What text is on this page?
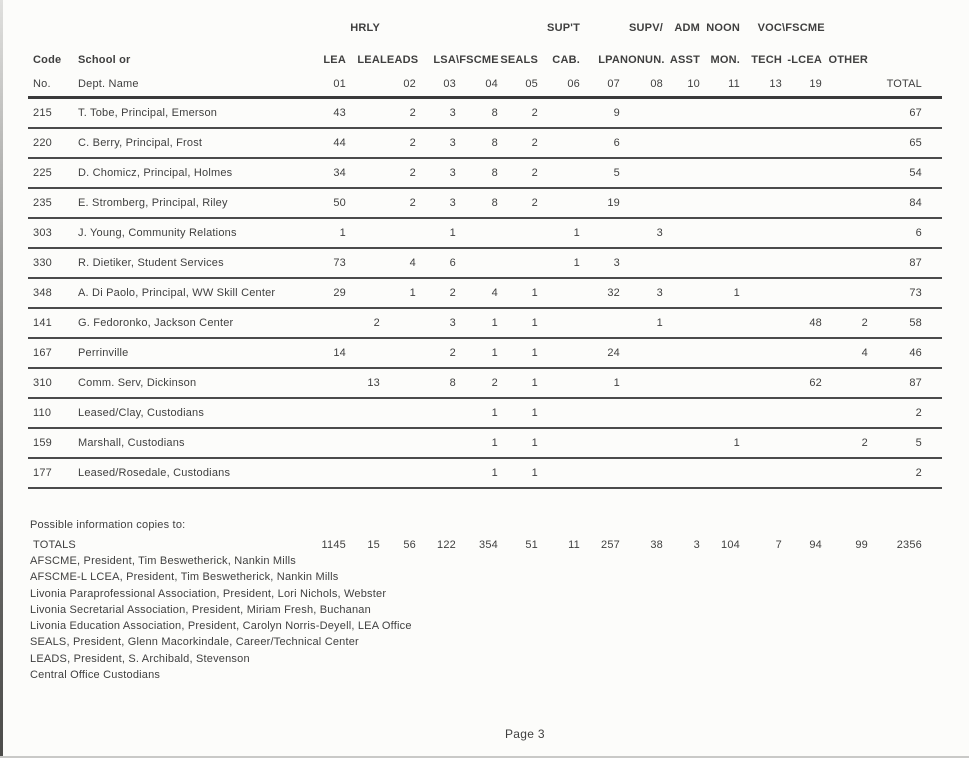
			HRLY					SUP'T		SUPV/	ADM	NOON	VOC	\FSCME		
Code	School or	LEA	LEA	LEADS	LSA	\FSCME	SEALS	CAB.	LPA	NONUN.	ASST	MON.	TECH	-LCEA	OTHER	
No.	Dept. Name	01		02	03	04	05	06	07	08	10	11	13	19		TOTAL
215	T. Tobe, Principal, Emerson	43		2	3	8	2		9							67
220	C. Berry, Principal, Frost	44		2	3	8	2		6							65
225	D. Chomicz, Principal, Holmes	34		2	3	8	2		5							54
235	E. Stromberg, Principal, Riley	50		2	3	8	2		19							84
303	J. Young, Community Relations	1			1			1		3						6
330	R. Dietiker, Student Services	73		4	6			1	3							87
348	A. Di Paolo, Principal, WW Skill Center	29		1	2	4	1		32	3		1				73
141	G. Fedoronko, Jackson Center		2		3	1	1			1				48	2	58
167	Perrinville	14			2	1	1		24						4	46
310	Comm. Serv, Dickinson		13		8	2	1		1					62		87
110	Leased/Clay, Custodians					1	1									2
159	Marshall, Custodians					1	1					1			2	5
177	Leased/Rosedale, Custodians					1	1									2
TOTALS		1145	15	56	122	354	51	11	257	38	3	104	7	94	99	2356
Possible information copies to:
AFSCME, President, Tim Beswetherick, Nankin Mills
AFSCME-L LCEA, President, Tim Beswetherick, Nankin Mills
Livonia Paraprofessional Association, President, Lori Nichols, Webster
Livonia Secretarial Association, President, Miriam Fresh, Buchanan
Livonia Education Association, President, Carolyn Norris-Deyell, LEA Office
SEALS, President, Glenn Macorkindale, Career/Technical Center
LEADS, President, S. Archibald, Stevenson
Central Office Custodians
Page 3
